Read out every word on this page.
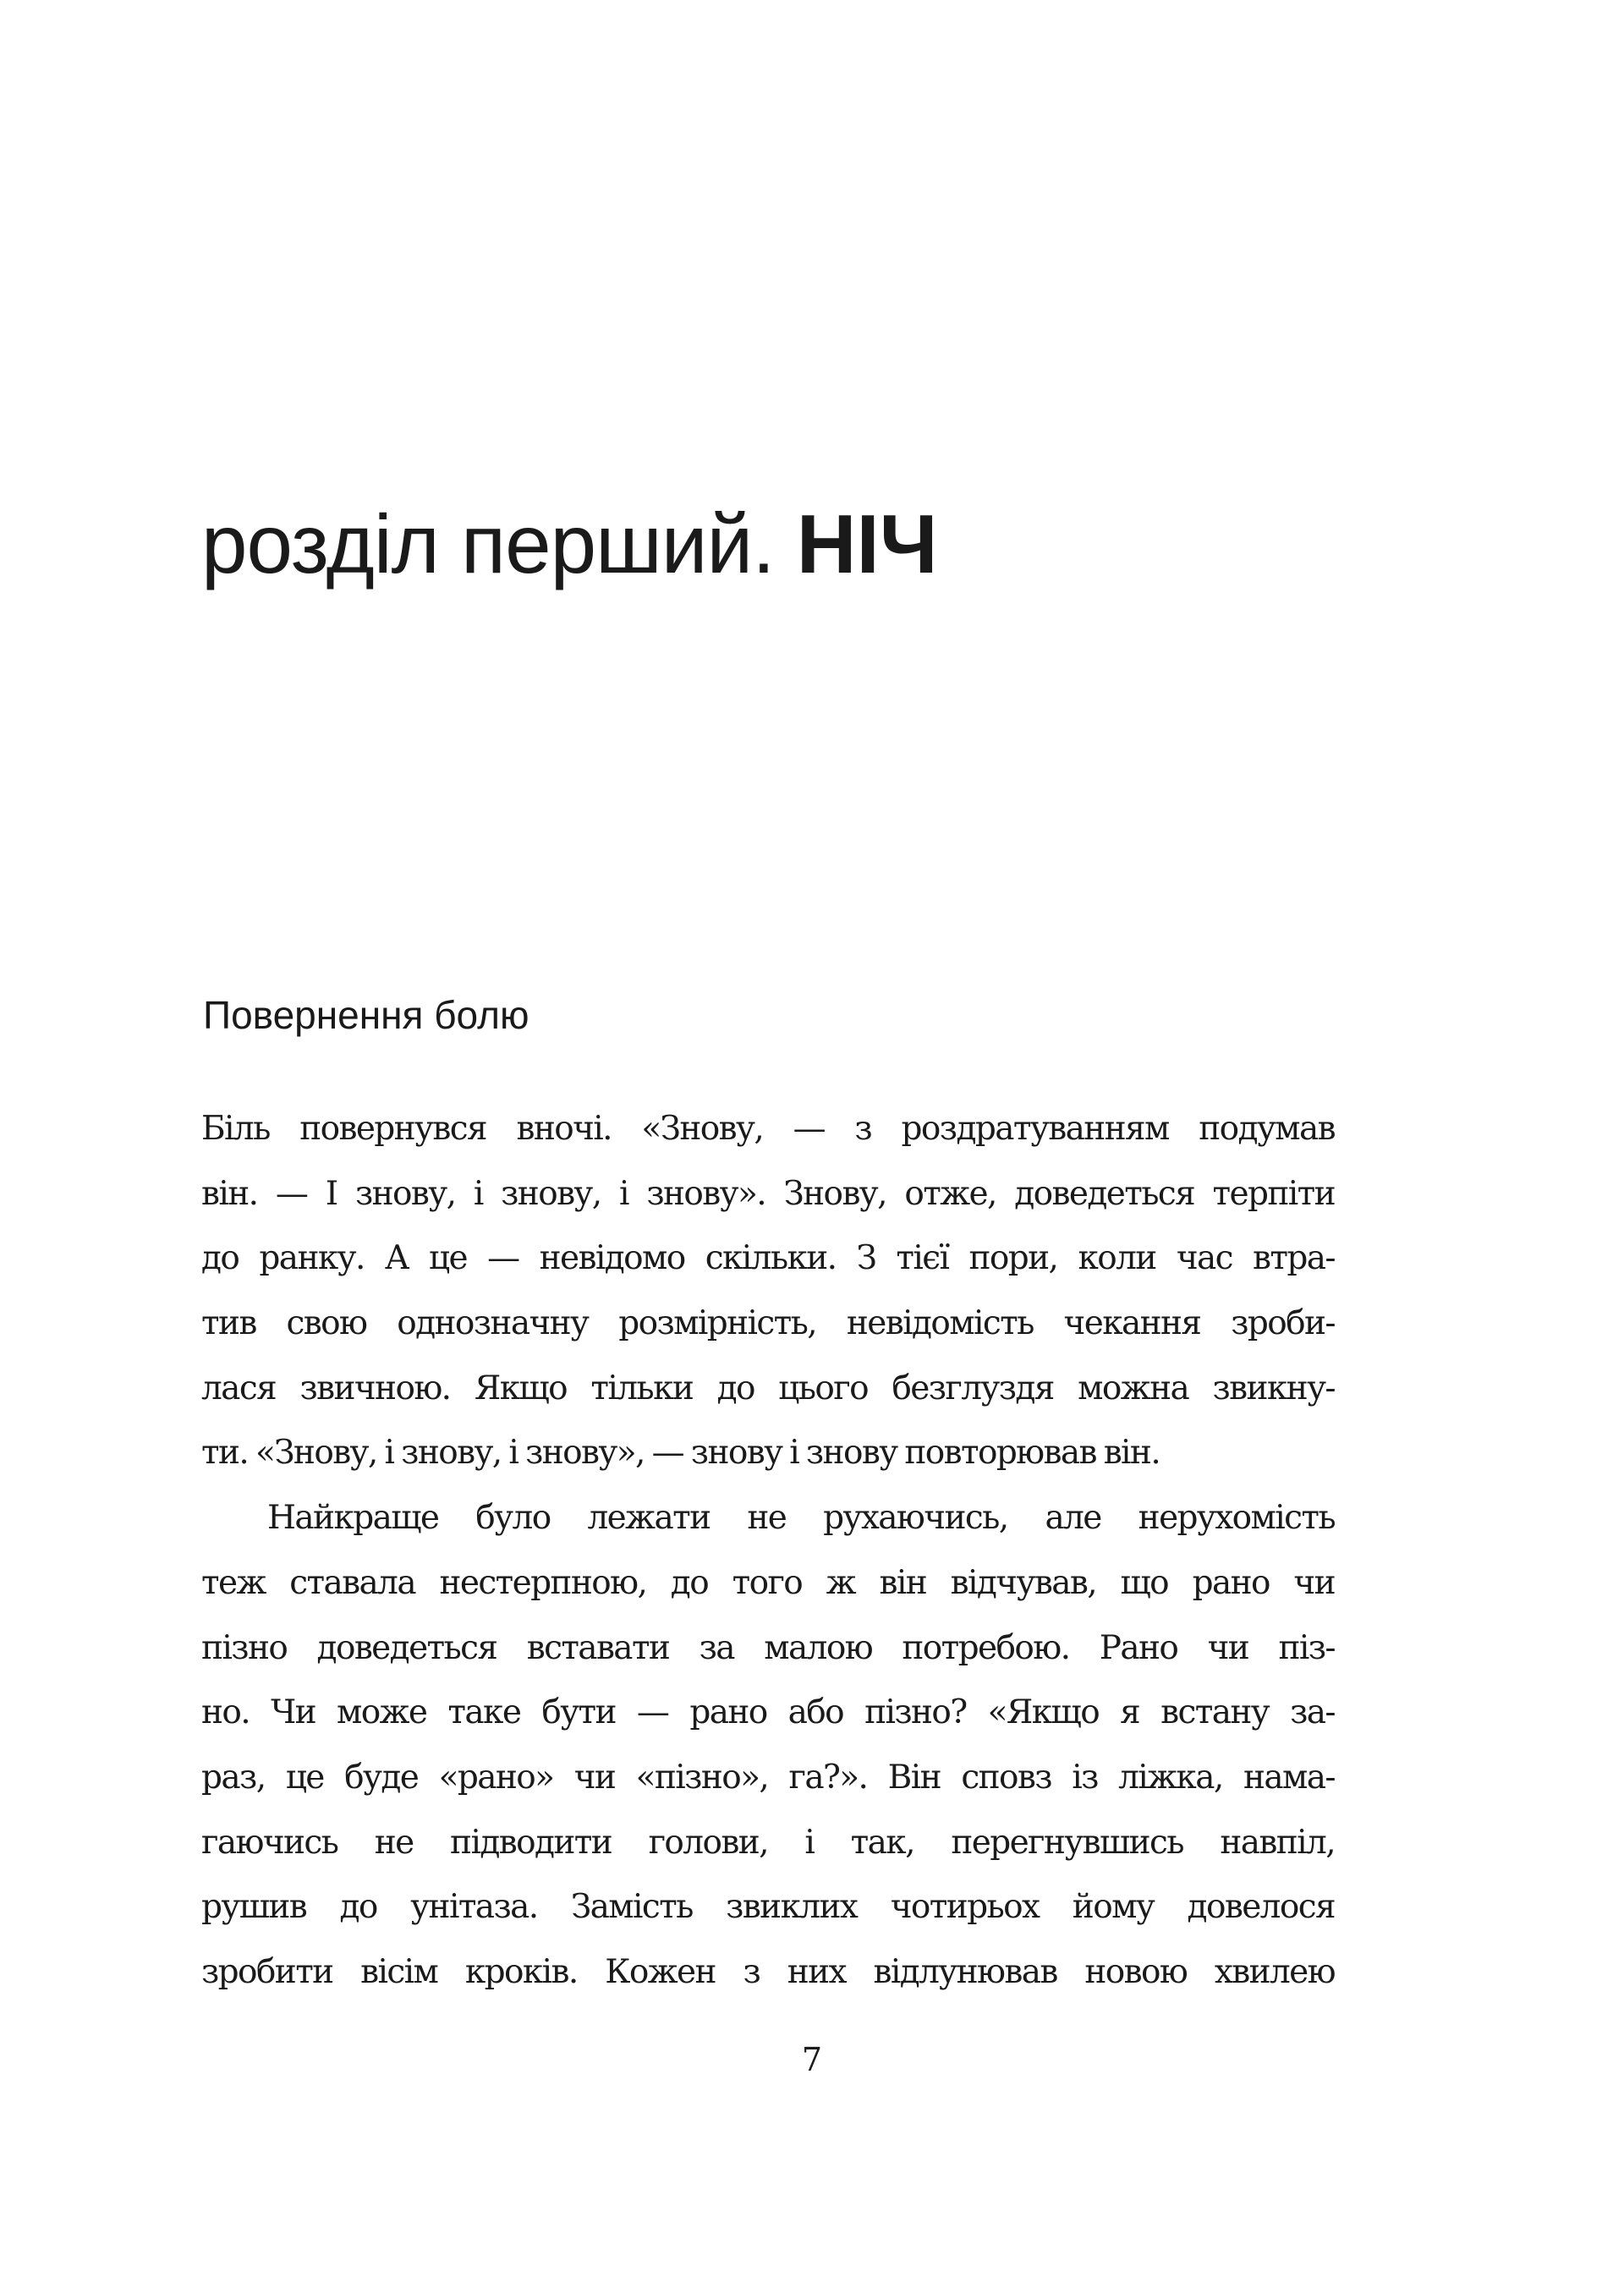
розділ перший. НІЧ
Повернення болю
Біль повернувся вночі. «Знову, — з роздратуванням подумав
він. — І знову, і знову, і знову». Знову, отже, доведеться терпіти
до ранку. А це — невідомо скільки. З тієї пори, коли час втра-
тив свою однозначну розмірність, невідомість чекання зроби-
лася звичною. Якщо тільки до цього безглуздя можна звикну-
ти. «Знову, і знову, і знову», — знову і знову повторював він.
Найкраще було лежати не рухаючись, але нерухомість
теж ставала нестерпною, до того ж він відчував, що рано чи
пізно доведеться вставати за малою потребою. Рано чи піз-
но. Чи може таке бути — рано або пізно? «Якщо я встану за-
раз, це буде «рано» чи «пізно», га?». Він сповз із ліжка, нама-
гаючись не підводити голови, і так, перегнувшись навпіл,
рушив до унітаза. Замість звиклих чотирьох йому довелося
зробити вісім кроків. Кожен з них відлунював новою хвилею
7
